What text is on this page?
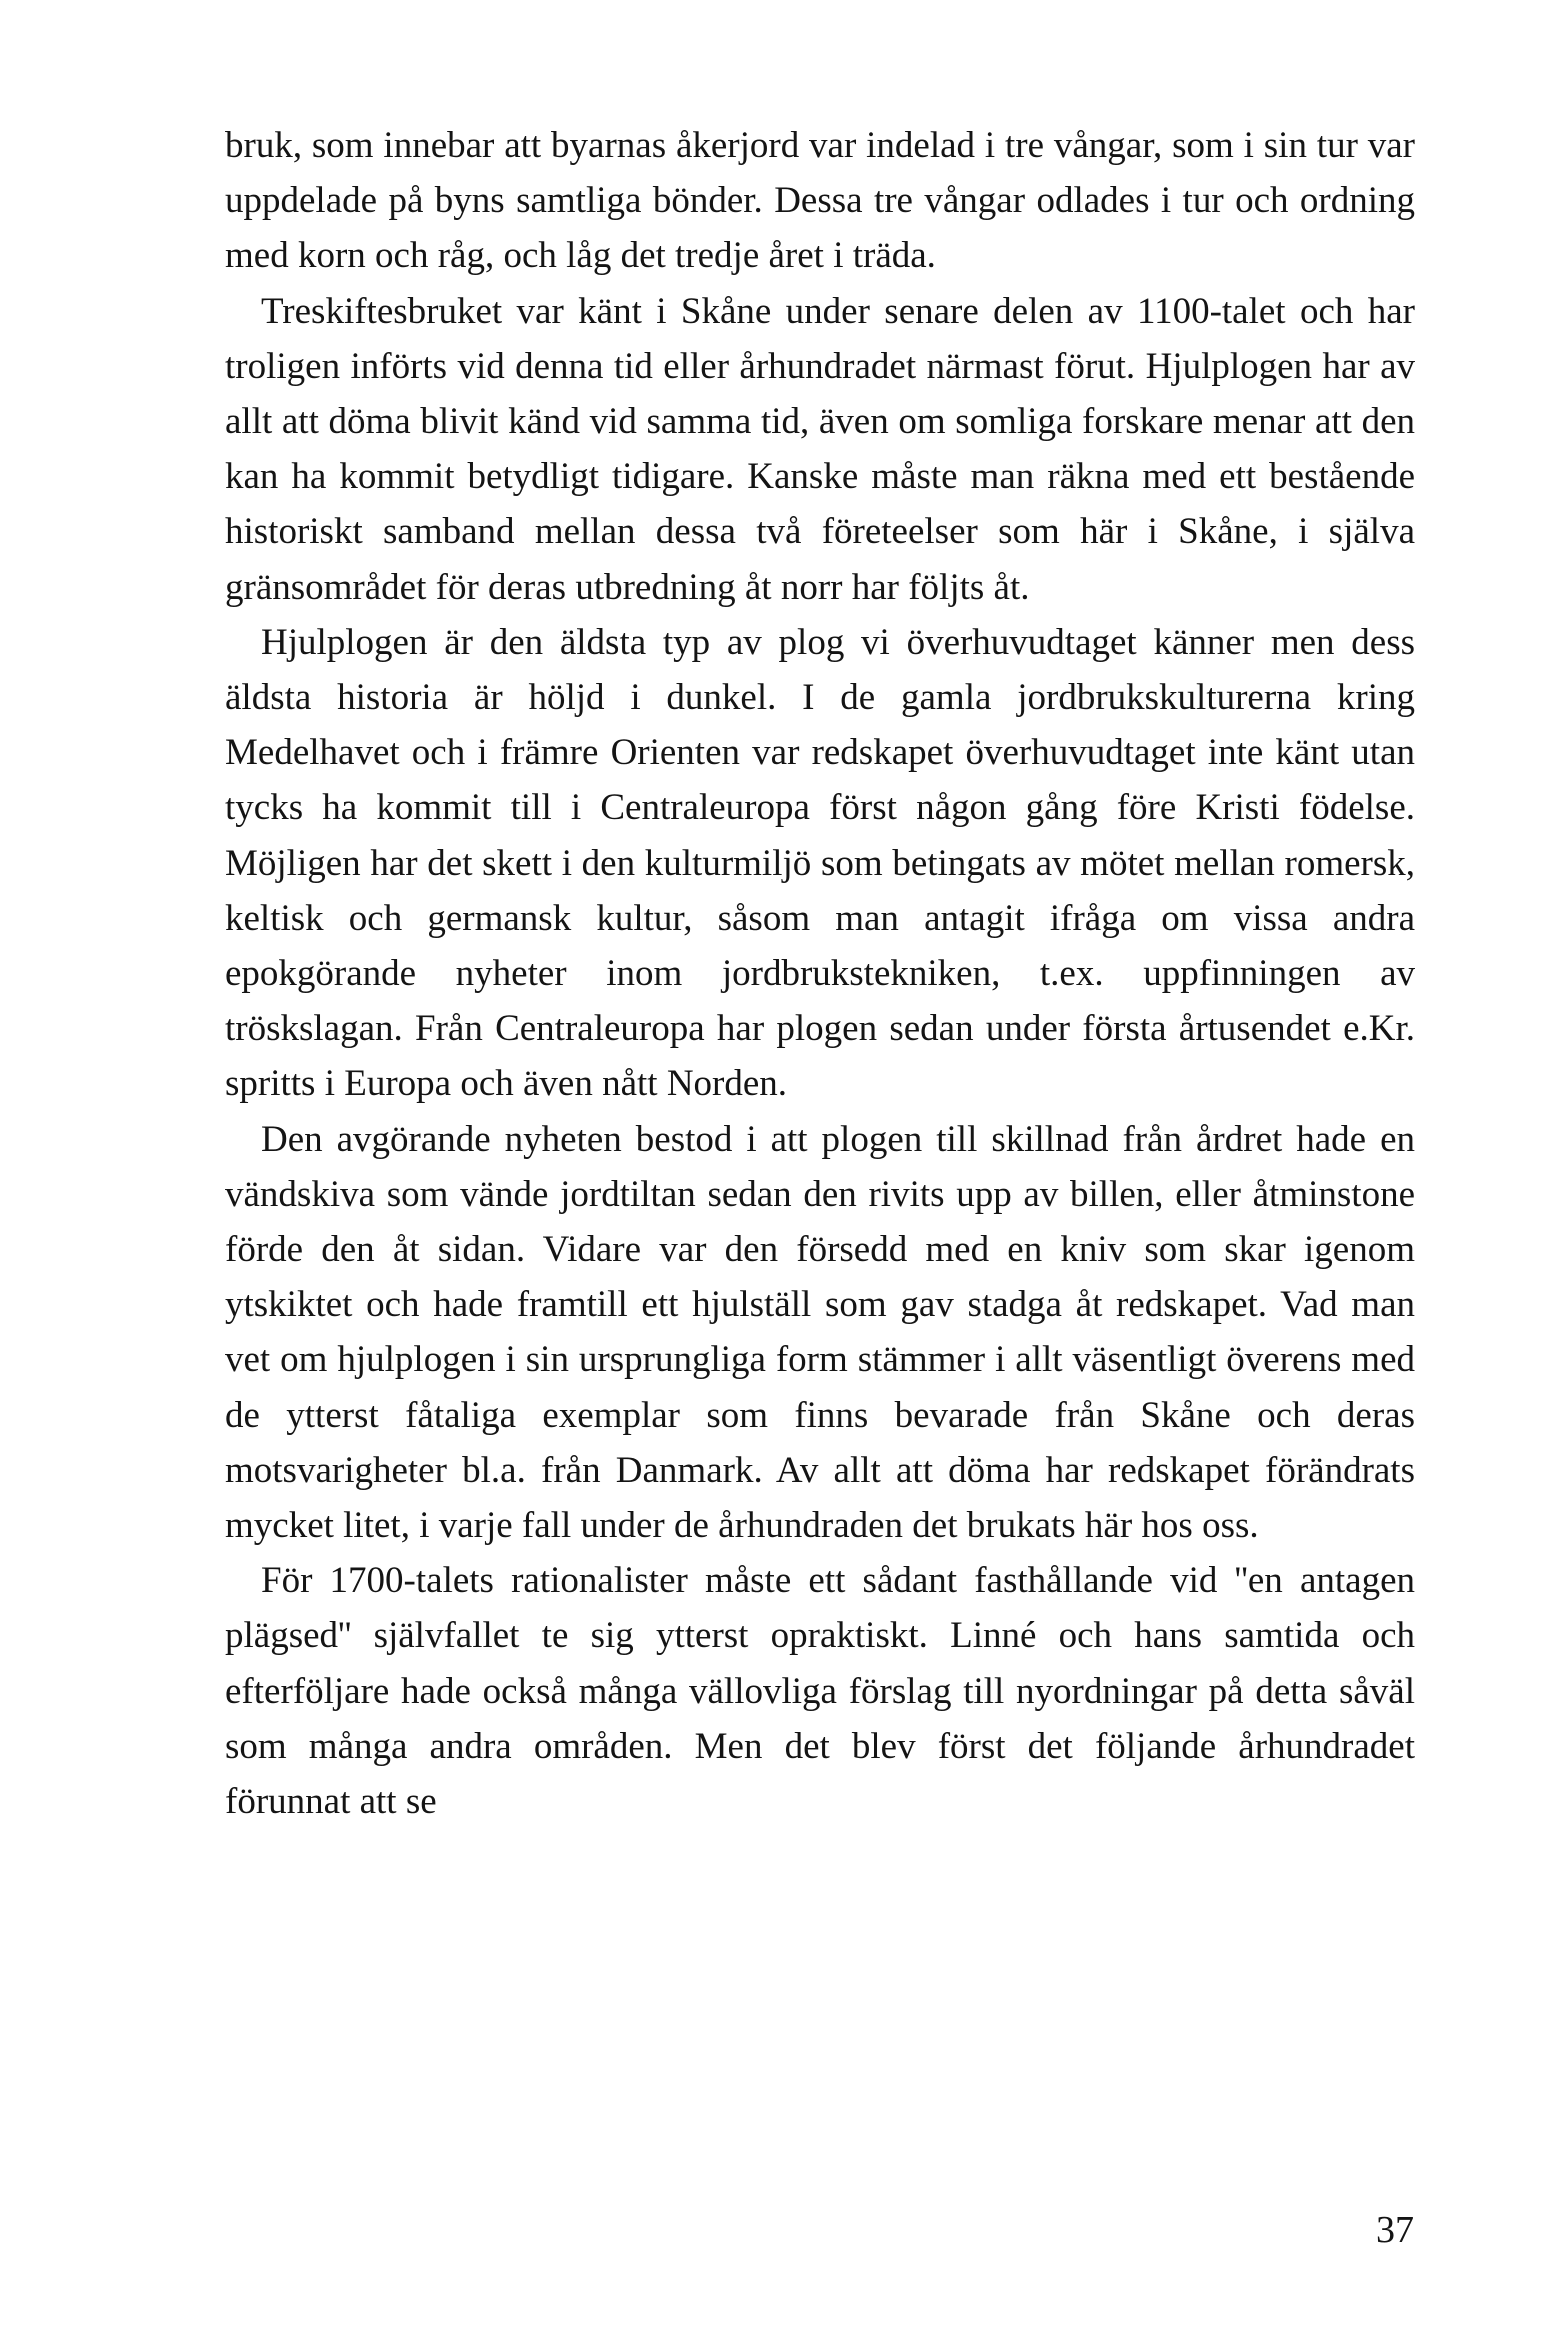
bruk, som innebar att byarnas åkerjord var indelad i tre vångar, som i sin tur var uppdelade på byns samtliga bönder. Dessa tre vångar odlades i tur och ordning med korn och råg, och låg det tredje året i träda.

Treskiftesbruket var känt i Skåne under senare delen av 1100-talet och har troligen införts vid denna tid eller århundradet närmast förut. Hjulplogen har av allt att döma blivit känd vid samma tid, även om somliga forskare menar att den kan ha kommit betydligt tidigare. Kanske måste man räkna med ett bestående historiskt samband mellan dessa två företeelser som här i Skåne, i själva gränsområdet för deras utbredning åt norr har följts åt.

Hjulplogen är den äldsta typ av plog vi överhuvudtaget känner men dess äldsta historia är höljd i dunkel. I de gamla jordbrukskulturerna kring Medelhavet och i främre Orienten var redskapet överhuvudtaget inte känt utan tycks ha kommit till i Centraleuropa först någon gång före Kristi födelse. Möjligen har det skett i den kulturmiljö som betingats av mötet mellan romersk, keltisk och germansk kultur, såsom man antagit ifråga om vissa andra epokgörande nyheter inom jordbrukstekniken, t.ex. uppfinningen av tröskslagan. Från Centraleuropa har plogen sedan under första årtusendet e.Kr. spritts i Europa och även nått Norden.

Den avgörande nyheten bestod i att plogen till skillnad från årdret hade en vändskiva som vände jordtiltan sedan den rivits upp av billen, eller åtminstone förde den åt sidan. Vidare var den försedd med en kniv som skar igenom ytskiktet och hade framtill ett hjulställ som gav stadga åt redskapet. Vad man vet om hjulplogen i sin ursprungliga form stämmer i allt väsentligt överens med de ytterst fåtaliga exemplar som finns bevarade från Skåne och deras motsvarigheter bl.a. från Danmark. Av allt att döma har redskapet förändrats mycket litet, i varje fall under de århundraden det brukats här hos oss.

För 1700-talets rationalister måste ett sådant fasthållande vid ''en antagen plägsed'' självfallet te sig ytterst opraktiskt. Linné och hans samtida och efterföljare hade också många vällovliga förslag till nyordningar på detta såväl som många andra områden. Men det blev först det följande århundradet förunnat att se

37
